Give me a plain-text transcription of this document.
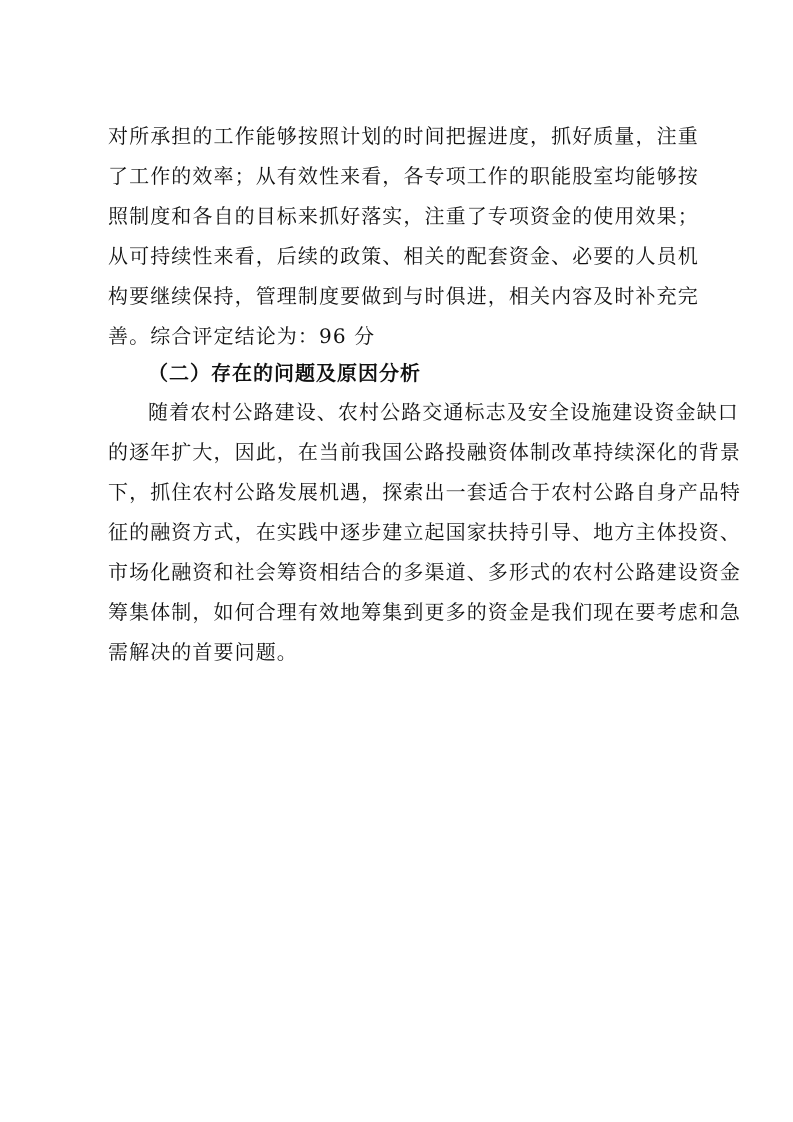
对所承担的工作能够按照计划的时间把握进度，抓好质量，注重
了工作的效率；从有效性来看，各专项工作的职能股室均能够按
照制度和各自的目标来抓好落实，注重了专项资金的使用效果；
从可持续性来看，后续的政策、相关的配套资金、必要的人员机
构要继续保持，管理制度要做到与时俱进，相关内容及时补充完
善。综合评定结论为：96 分
（二）存在的问题及原因分析
随着农村公路建设、农村公路交通标志及安全设施建设资金缺口
的逐年扩大，因此，在当前我国公路投融资体制改革持续深化的背景
下，抓住农村公路发展机遇，探索出一套适合于农村公路自身产品特
征的融资方式，在实践中逐步建立起国家扶持引导、地方主体投资、
市场化融资和社会筹资相结合的多渠道、多形式的农村公路建设资金
筹集体制，如何合理有效地筹集到更多的资金是我们现在要考虑和急
需解决的首要问题。
